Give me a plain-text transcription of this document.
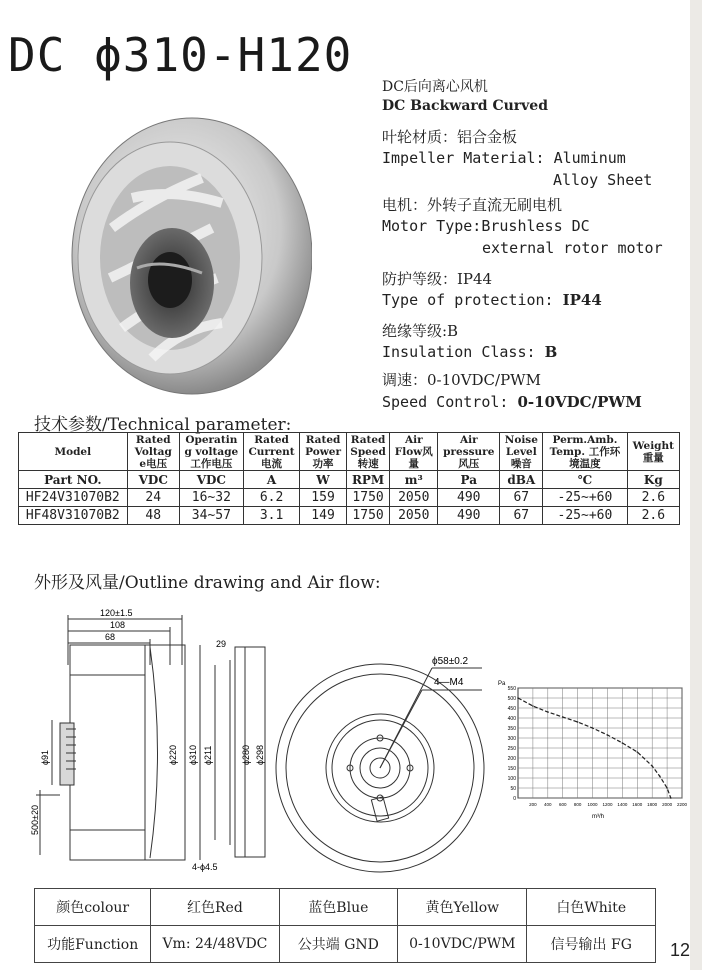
DC ϕ310-H120
DC后向离心风机
DC Backward Curved
叶轮材质：铝合金板
Impeller Material: Aluminum
Alloy Sheet
电机：外转子直流无刷电机
Motor Type:Brushless DC
external rotor motor
防护等级：IP44
Type of protection: IP44
绝缘等级:B
Insulation Class: B
调速：0-10VDC/PWM
Speed Control: 0-10VDC/PWM
技术参数/Technical parameter:
Model	Rated Voltag e电压	Operatin g voltage 工作电压	Rated Current 电流	Rated Power 功率	Rated Speed 转速	Air Flow风 量	Air pressure 风压	Noise Level 噪音	Perm.Amb. Temp. 工作环境温度	Weight 重量
Part NO.	VDC	VDC	A	W	RPM	m³	Pa	dBA	℃	Kg
HF24V31070B2	24	16~32	6.2	159	1750	2050	490	67	-25~+60	2.6
HF48V31070B2	48	34~57	3.1	149	1750	2050	490	67	-25~+60	2.6
外形及风量/Outline drawing and Air flow:
120±1.5
108
68
29
ϕ91
500±20
ϕ220 ϕ310 ϕ211	ϕ280 ϕ298
4-ϕ4.5
ϕ58±0.2
4—M4
0
50
100
150
200
250
300
350
400
450
500
550
200 400 600 800 1000 1200 1400 1600 1800 2000 2200
Pa
m³/h
颜色colour	红色Red	蓝色Blue	黄色Yellow	白色White
功能Function	Vm: 24/48VDC	公共端 GND	0-10VDC/PWM	信号输出 FG 12
